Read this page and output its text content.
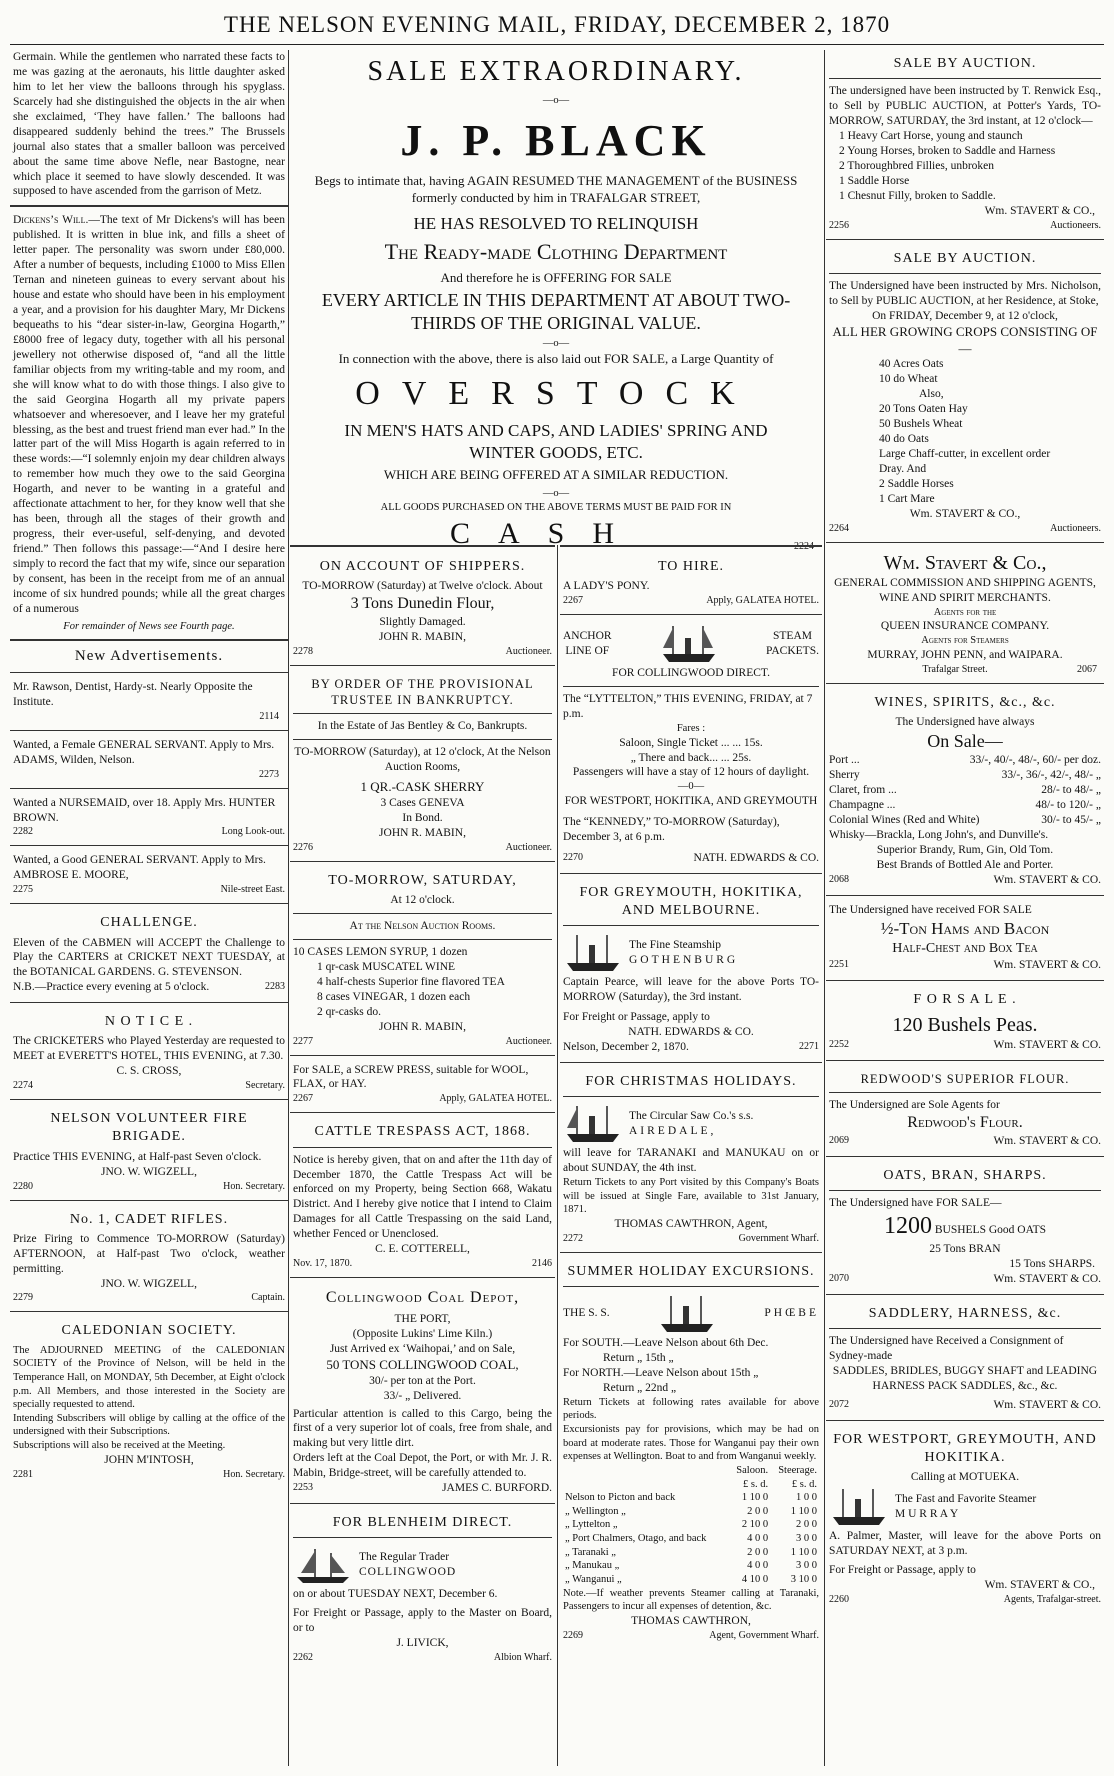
THE NELSON EVENING MAIL, FRIDAY, DECEMBER 2, 1870

Germain. While the gentlemen who narrated these facts to me was gazing at the aeronauts, his little daughter asked him to let her view the balloons through his spyglass. Scarcely had she distinguished the objects in the air when she exclaimed, ‘They have fallen.’ The balloons had disappeared suddenly behind the trees.” The Brussels journal also states that a smaller balloon was perceived about the same time above Nefle, near Bastogne, near which place it seemed to have slowly descended. It was supposed to have ascended from the garrison of Metz.

Dickens’s Will.—The text of Mr Dickens's will has been published. It is written in blue ink, and fills a sheet of letter paper. The personality was sworn under £80,000. After a number of bequests, including £1000 to Miss Ellen Ternan and nineteen guineas to every servant about his house and estate who should have been in his employment a year, and a provision for his daughter Mary, Mr Dickens bequeaths to his “dear sister-in-law, Georgina Hogarth,” £8000 free of legacy duty, together with all his personal jewellery not otherwise disposed of, “and all the little familiar objects from my writing-table and my room, and she will know what to do with those things. I also give to the said Georgina Hogarth all my private papers whatsoever and wheresoever, and I leave her my grateful blessing, as the best and truest friend man ever had.” In the latter part of the will Miss Hogarth is again referred to in these words:—“I solemnly enjoin my dear children always to remember how much they owe to the said Georgina Hogarth, and never to be wanting in a grateful and affectionate attachment to her, for they know well that she has been, through all the stages of their growth and progress, their ever-useful, self-denying, and devoted friend.” Then follows this passage:—“And I desire here simply to record the fact that my wife, since our separation by consent, has been in the receipt from me of an annual income of six hundred pounds; while all the great charges of a numerous

For remainder of News see Fourth page.
New Advertisements.
Mr. Rawson, Dentist, Hardy-st. Nearly Opposite the Institute.
2114
Wanted, a Female GENERAL SERVANT. Apply to Mrs. ADAMS, Wilden, Nelson.
2273
Wanted a NURSEMAID, over 18. Apply Mrs. HUNTER BROWN.
2282	Long Look-out.
Wanted, a Good GENERAL SERVANT. Apply to Mrs. AMBROSE E. MOORE,
2275	Nile-street East.
CHALLENGE.
Eleven of the CABMEN will ACCEPT the Challenge to Play the CARTERS at CRICKET NEXT TUESDAY, at the BOTANICAL GARDENS. G. STEVENSON.
N.B.—Practice every evening at 5 o'clock.	2283
N O T I C E .
The CRICKETERS who Played Yesterday are requested to MEET at EVERETT'S HOTEL, THIS EVENING, at 7.30.
C. S. CROSS,
2274	Secretary.
NELSON VOLUNTEER FIRE BRIGADE.
Practice THIS EVENING, at Half-past Seven o'clock.
JNO. W. WIGZELL,
2280	Hon. Secretary.
No. 1, CADET RIFLES.
Prize Firing to Commence TO-MORROW (Saturday) AFTERNOON, at Half-past Two o'clock, weather permitting.
JNO. W. WIGZELL,
2279	Captain.
CALEDONIAN SOCIETY.
The ADJOURNED MEETING of the CALEDONIAN SOCIETY of the Province of Nelson, will be held in the Temperance Hall, on MONDAY, 5th December, at Eight o'clock p.m. All Members, and those interested in the Society are specially requested to attend.
Intending Subscribers will oblige by calling at the office of the undersigned with their Subscriptions.
Subscriptions will also be received at the Meeting.
JOHN M'INTOSH,
2281	Hon. Secretary.
SALE EXTRAORDINARY.
—o—
J. P. BLACK
Begs to intimate that, having AGAIN RESUMED THE MANAGEMENT of the BUSINESS formerly conducted by him in TRAFALGAR STREET,
HE HAS RESOLVED TO RELINQUISH
The Ready-made Clothing Department
And therefore he is OFFERING FOR SALE
EVERY ARTICLE IN THIS DEPARTMENT AT ABOUT TWO-THIRDS OF THE ORIGINAL VALUE.
—o—
In connection with the above, there is also laid out FOR SALE, a Large Quantity of
OVERSTOCK
IN MEN'S HATS AND CAPS, AND LADIES' SPRING AND WINTER GOODS, ETC.
WHICH ARE BEING OFFERED AT A SIMILAR REDUCTION.
—o—
ALL GOODS PURCHASED ON THE ABOVE TERMS MUST BE PAID FOR IN
CASH	2224
ON ACCOUNT OF SHIPPERS.
TO-MORROW (Saturday) at Twelve o'clock. About
3 Tons Dunedin Flour,
Slightly Damaged.
JOHN R. MABIN,
2278	Auctioneer.
BY ORDER OF THE PROVISIONAL TRUSTEE IN BANKRUPTCY.
In the Estate of Jas Bentley & Co, Bankrupts.
TO-MORROW (Saturday), at 12 o'clock, At the Nelson Auction Rooms,
1 QR.-CASK SHERRY
3 Cases GENEVA
In Bond.
JOHN R. MABIN,
2276	Auctioneer.
TO-MORROW, SATURDAY,
At 12 o'clock.
At the Nelson Auction Rooms.
10 CASES LEMON SYRUP, 1 dozen
1 qr-cask MUSCATEL WINE
4 half-chests Superior fine flavored TEA
8 cases VINEGAR, 1 dozen each
2 qr-casks do.
JOHN R. MABIN,
2277	Auctioneer.
For SALE, a SCREW PRESS, suitable for WOOL, FLAX, or HAY.
2267	Apply, GALATEA HOTEL.
CATTLE TRESPASS ACT, 1868.
Notice is hereby given, that on and after the 11th day of December 1870, the Cattle Trespass Act will be enforced on my Property, being Section 668, Wakatu District. And I hereby give notice that I intend to Claim Damages for all Cattle Trespassing on the said Land, whether Fenced or Unenclosed.
C. E. COTTERELL,
Nov. 17, 1870.	2146
Collingwood Coal Depot,
THE PORT,
(Opposite Lukins' Lime Kiln.)
Just Arrived ex ‘Waihopai,’ and on Sale,
50 TONS COLLINGWOOD COAL,
30/- per ton at the Port.
33/- „ Delivered.
Particular attention is called to this Cargo, being the first of a very superior lot of coals, free from shale, and making but very little dirt.
Orders left at the Coal Depot, the Port, or with Mr. J. R. Mabin, Bridge-street, will be carefully attended to.
2253	JAMES C. BURFORD.
FOR BLENHEIM DIRECT.
The Regular Trader
COLLINGWOOD
on or about TUESDAY NEXT, December 6.
For Freight or Passage, apply to the Master on Board, or to
J. LIVICK,
2262	Albion Wharf.
TO HIRE.
A LADY'S PONY.
2267	Apply, GALATEA HOTEL.
ANCHOR
LINE OF
STEAM
PACKETS.
FOR COLLINGWOOD DIRECT.
The “LYTTELTON,” THIS EVENING, FRIDAY, at 7 p.m.
Fares :
Saloon, Single Ticket ... ... 15s.
„ There and back... ... 25s.
Passengers will have a stay of 12 hours of daylight.
—0—
FOR WESTPORT, HOKITIKA, AND GREYMOUTH
The “KENNEDY,” TO-MORROW (Saturday), December 3, at 6 p.m.
2270	NATH. EDWARDS & CO.
FOR GREYMOUTH, HOKITIKA, AND MELBOURNE.
The Fine Steamship
GOTHENBURG
Captain Pearce, will leave for the above Ports TO-MORROW (Saturday), the 3rd instant.
For Freight or Passage, apply to
NATH. EDWARDS & CO.
Nelson, December 2, 1870.	2271
FOR CHRISTMAS HOLIDAYS.
The Circular Saw Co.'s s.s.
AIREDALE,
will leave for TARANAKI and MANUKAU on or about SUNDAY, the 4th inst.
Return Tickets to any Port visited by this Company's Boats will be issued at Single Fare, available to 31st January, 1871.
THOMAS CAWTHRON, Agent,
2272	Government Wharf.
SUMMER HOLIDAY EXCURSIONS.
THE S. S.	PHŒBE
For SOUTH.—Leave Nelson about 6th Dec.
Return „ 15th „
For NORTH.—Leave Nelson about 15th „
Return „ 22nd „
Return Tickets at following rates available for above periods.
Excursionists pay for provisions, which may be had on board at moderate rates. Those for Wanganui pay their own expenses at Wellington. Boat to and from Wanganui weekly.
	Saloon.	Steerage.
	£ s. d.	£ s. d.
Nelson to Picton and back	1 10 0	1 0 0
„ Wellington „	2 0 0	1 10 0
„ Lyttelton „	2 10 0	2 0 0
„ Port Chalmers, Otago, and back	4 0 0	3 0 0
„ Taranaki „	2 0 0	1 10 0
„ Manukau „	4 0 0	3 0 0
„ Wanganui „	4 10 0	3 10 0
Note.—If weather prevents Steamer calling at Taranaki, Passengers to incur all expenses of detention, &c.
THOMAS CAWTHRON,
2269	Agent, Government Wharf.
SALE BY AUCTION.
The undersigned have been instructed by T. Renwick Esq., to Sell by PUBLIC AUCTION, at Potter's Yards, TO-MORROW, SATURDAY, the 3rd instant, at 12 o'clock—
1 Heavy Cart Horse, young and staunch
2 Young Horses, broken to Saddle and Harness
2 Thoroughbred Fillies, unbroken
1 Saddle Horse
1 Chesnut Filly, broken to Saddle.
Wm. STAVERT & CO.,
2256	Auctioneers.
SALE BY AUCTION.
The Undersigned have been instructed by Mrs. Nicholson, to Sell by PUBLIC AUCTION, at her Residence, at Stoke,
On FRIDAY, December 9, at 12 o'clock,
ALL HER GROWING CROPS CONSISTING OF—
40 Acres Oats
10 do Wheat
Also,
20 Tons Oaten Hay
50 Bushels Wheat
40 do Oats
Large Chaff-cutter, in excellent order
Dray. And
2 Saddle Horses
1 Cart Mare
Wm. STAVERT & CO.,
2264	Auctioneers.
Wm. Stavert & Co.,
GENERAL COMMISSION AND SHIPPING AGENTS,
WINE AND SPIRIT MERCHANTS.
Agents for the
QUEEN INSURANCE COMPANY.
Agents for Steamers
MURRAY, JOHN PENN, and WAIPARA.
Trafalgar Street.	2067
WINES, SPIRITS, &c., &c.
The Undersigned have always
On Sale—
Port ...	33/-, 40/-, 48/-, 60/- per doz.
Sherry	33/-, 36/-, 42/-, 48/- „
Claret, from ...	28/- to 48/- „
Champagne ...	48/- to 120/- „
Colonial Wines (Red and White)	30/- to 45/- „
Whisky—Brackla, Long John's, and Dunville's.
Superior Brandy, Rum, Gin, Old Tom.
Best Brands of Bottled Ale and Porter.
2068	Wm. STAVERT & CO.
The Undersigned have received FOR SALE
½-Ton Hams and Bacon
Half-Chest and Box Tea
2251	Wm. STAVERT & CO.
F O R S A L E .
120 Bushels Peas.
2252	Wm. STAVERT & CO.
REDWOOD'S SUPERIOR FLOUR.
The Undersigned are Sole Agents for
Redwood's Flour.
2069	Wm. STAVERT & CO.
OATS, BRAN, SHARPS.
The Undersigned have FOR SALE—
1200 BUSHELS Good OATS
25 Tons BRAN
15 Tons SHARPS.
2070	Wm. STAVERT & CO.
SADDLERY, HARNESS, &c.
The Undersigned have Received a Consignment of Sydney-made
SADDLES, BRIDLES, BUGGY SHAFT and LEADING HARNESS PACK SADDLES, &c., &c.
2072	Wm. STAVERT & CO.
FOR WESTPORT, GREYMOUTH, AND HOKITIKA.
Calling at MOTUEKA.
The Fast and Favorite Steamer
M U R R A Y
A. Palmer, Master, will leave for the above Ports on SATURDAY NEXT, at 3 p.m.
For Freight or Passage, apply to
Wm. STAVERT & CO.,
2260	Agents, Trafalgar-street.
